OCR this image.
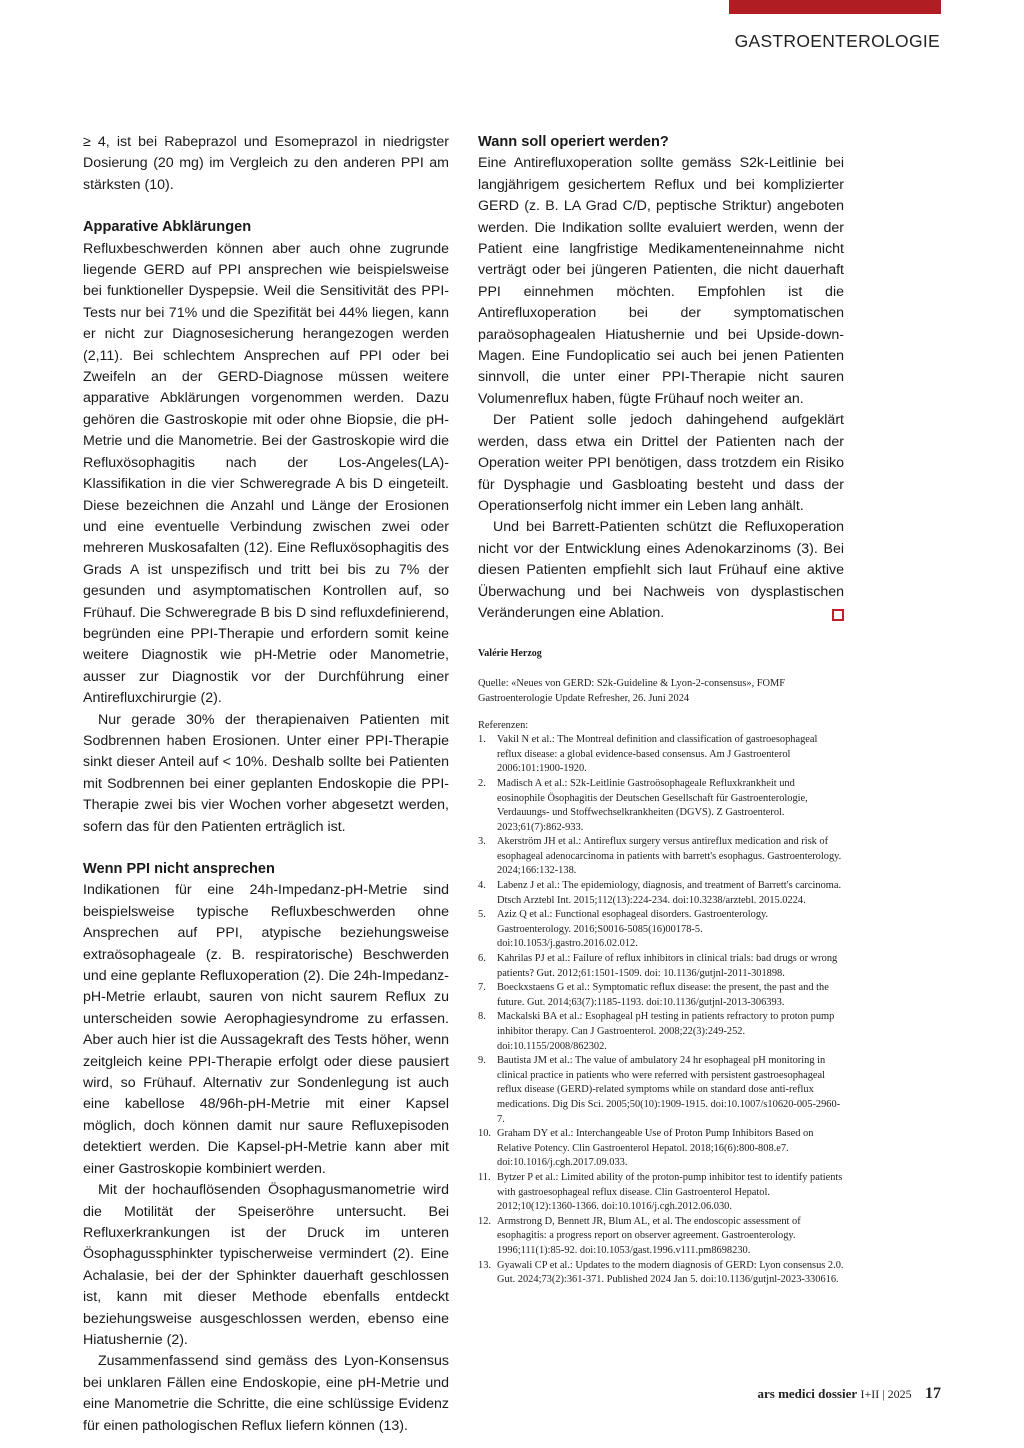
GASTROENTEROLOGIE

≥ 4, ist bei Rabeprazol und Esomeprazol in niedrigster Dosierung (20 mg) im Vergleich zu den anderen PPI am stärksten (10).

Apparative Abklärungen

Refluxbeschwerden können aber auch ohne zugrunde liegende GERD auf PPI ansprechen wie beispielsweise bei funktioneller Dyspepsie. Weil die Sensitivität des PPI-Tests nur bei 71% und die Spezifität bei 44% liegen, kann er nicht zur Diagnosesicherung herangezogen werden (2,11). Bei schlechtem Ansprechen auf PPI oder bei Zweifeln an der GERD-Diagnose müssen weitere apparative Abklärungen vorgenommen werden. Dazu gehören die Gastroskopie mit oder ohne Biopsie, die pH-Metrie und die Manometrie. Bei der Gastroskopie wird die Refluxösophagitis nach der Los-Angeles(LA)-Klassifikation in die vier Schweregrade A bis D eingeteilt. Diese bezeichnen die Anzahl und Länge der Erosionen und eine eventuelle Verbindung zwischen zwei oder mehreren Muskosafalten (12). Eine Refluxösophagitis des Grads A ist unspezifisch und tritt bei bis zu 7% der gesunden und asymptomatischen Kontrollen auf, so Frühauf. Die Schweregrade B bis D sind refluxdefinierend, begründen eine PPI-Therapie und erfordern somit keine weitere Diagnostik wie pH-Metrie oder Manometrie, ausser zur Diagnostik vor der Durchführung einer Antirefluxchirurgie (2).

Nur gerade 30% der therapienaiven Patienten mit Sodbrennen haben Erosionen. Unter einer PPI-Therapie sinkt dieser Anteil auf < 10%. Deshalb sollte bei Patienten mit Sodbrennen bei einer geplanten Endoskopie die PPI-Therapie zwei bis vier Wochen vorher abgesetzt werden, sofern das für den Patienten erträglich ist.

Wenn PPI nicht ansprechen

Indikationen für eine 24h-Impedanz-pH-Metrie sind beispielsweise typische Refluxbeschwerden ohne Ansprechen auf PPI, atypische beziehungsweise extraösophageale (z. B. respiratorische) Beschwerden und eine geplante Refluxoperation (2). Die 24h-Impedanz-pH-Metrie erlaubt, sauren von nicht saurem Reflux zu unterscheiden sowie Aerophagiesyndrome zu erfassen. Aber auch hier ist die Aussagekraft des Tests höher, wenn zeitgleich keine PPI-Therapie erfolgt oder diese pausiert wird, so Frühauf. Alternativ zur Sondenlegung ist auch eine kabellose 48/96h-pH-Metrie mit einer Kapsel möglich, doch können damit nur saure Refluxepisoden detektiert werden. Die Kapsel-pH-Metrie kann aber mit einer Gastroskopie kombiniert werden.

Mit der hochauflösenden Ösophagusmanometrie wird die Motilität der Speiseröhre untersucht. Bei Refluxerkrankungen ist der Druck im unteren Ösophagussphinkter typischerweise vermindert (2). Eine Achalasie, bei der der Sphinkter dauerhaft geschlossen ist, kann mit dieser Methode ebenfalls entdeckt beziehungsweise ausgeschlossen werden, ebenso eine Hiatushernie (2).

Zusammenfassend sind gemäss des Lyon-Konsensus bei unklaren Fällen eine Endoskopie, eine pH-Metrie und eine Manometrie die Schritte, die eine schlüssige Evidenz für einen pathologischen Reflux liefern können (13).

Wann soll operiert werden?

Eine Antirefluxoperation sollte gemäss S2k-Leitlinie bei langjährigem gesichertem Reflux und bei komplizierter GERD (z. B. LA Grad C/D, peptische Striktur) angeboten werden. Die Indikation sollte evaluiert werden, wenn der Patient eine langfristige Medikamenteneinnahme nicht verträgt oder bei jüngeren Patienten, die nicht dauerhaft PPI einnehmen möchten. Empfohlen ist die Antirefluxoperation bei der symptomatischen paraösophagealen Hiatushernie und bei Upside-down-Magen. Eine Fundoplicatio sei auch bei jenen Patienten sinnvoll, die unter einer PPI-Therapie nicht sauren Volumenreflux haben, fügte Frühauf noch weiter an.

Der Patient solle jedoch dahingehend aufgeklärt werden, dass etwa ein Drittel der Patienten nach der Operation weiter PPI benötigen, dass trotzdem ein Risiko für Dysphagie und Gasbloating besteht und dass der Operationserfolg nicht immer ein Leben lang anhält.

Und bei Barrett-Patienten schützt die Refluxoperation nicht vor der Entwicklung eines Adenokarzinoms (3). Bei diesen Patienten empfiehlt sich laut Frühauf eine aktive Überwachung und bei Nachweis von dysplastischen Veränderungen eine Ablation.

Valérie Herzog

Quelle: «Neues von GERD: S2k-Guideline & Lyon-2-consensus», FOMF Gastroenterologie Update Refresher, 26. Juni 2024

Referenzen:

1. Vakil N et al.: The Montreal definition and classification of gastroesophageal reflux disease: a global evidence-based consensus. Am J Gastroenterol 2006:101:1900-1920.
2. Madisch A et al.: S2k-Leitlinie Gastroösophageale Refluxkrankheit und eosinophile Ösophagitis der Deutschen Gesellschaft für Gastroenterologie, Verdauungs- und Stoffwechselkrankheiten (DGVS). Z Gastroenterol. 2023;61(7):862-933.
3. Akerström JH et al.: Antireflux surgery versus antireflux medication and risk of esophageal adenocarcinoma in patients with barrett's esophagus. Gastroenterology. 2024;166:132-138.
4. Labenz J et al.: The epidemiology, diagnosis, and treatment of Barrett's carcinoma. Dtsch Arztebl Int. 2015;112(13):224-234. doi:10.3238/arztebl. 2015.0224.
5. Aziz Q et al.: Functional esophageal disorders. Gastroenterology. Gastroenterology. 2016;S0016-5085(16)00178-5. doi:10.1053/j.gastro.2016.02.012.
6. Kahrilas PJ et al.: Failure of reflux inhibitors in clinical trials: bad drugs or wrong patients? Gut. 2012;61:1501-1509. doi: 10.1136/gutjnl-2011-301898.
7. Boeckxstaens G et al.: Symptomatic reflux disease: the present, the past and the future. Gut. 2014;63(7):1185-1193. doi:10.1136/gutjnl-2013-306393.
8. Mackalski BA et al.: Esophageal pH testing in patients refractory to proton pump inhibitor therapy. Can J Gastroenterol. 2008;22(3):249-252. doi:10.1155/2008/862302.
9. Bautista JM et al.: The value of ambulatory 24 hr esophageal pH monitoring in clinical practice in patients who were referred with persistent gastroesophageal reflux disease (GERD)-related symptoms while on standard dose anti-reflux medications. Dig Dis Sci. 2005;50(10):1909-1915. doi:10.1007/s10620-005-2960-7.
10. Graham DY et al.: Interchangeable Use of Proton Pump Inhibitors Based on Relative Potency. Clin Gastroenterol Hepatol. 2018;16(6):800-808.e7. doi:10.1016/j.cgh.2017.09.033.
11. Bytzer P et al.: Limited ability of the proton-pump inhibitor test to identify patients with gastroesophageal reflux disease. Clin Gastroenterol Hepatol. 2012;10(12):1360-1366. doi:10.1016/j.cgh.2012.06.030.
12. Armstrong D, Bennett JR, Blum AL, et al. The endoscopic assessment of esophagitis: a progress report on observer agreement. Gastroenterology. 1996;111(1):85-92. doi:10.1053/gast.1996.v111.pm8698230.
13. Gyawali CP et al.: Updates to the modern diagnosis of GERD: Lyon consensus 2.0. Gut. 2024;73(2):361-371. Published 2024 Jan 5. doi:10.1136/gutjnl-2023-330616.
ars medici dossier I+II | 2025 17
